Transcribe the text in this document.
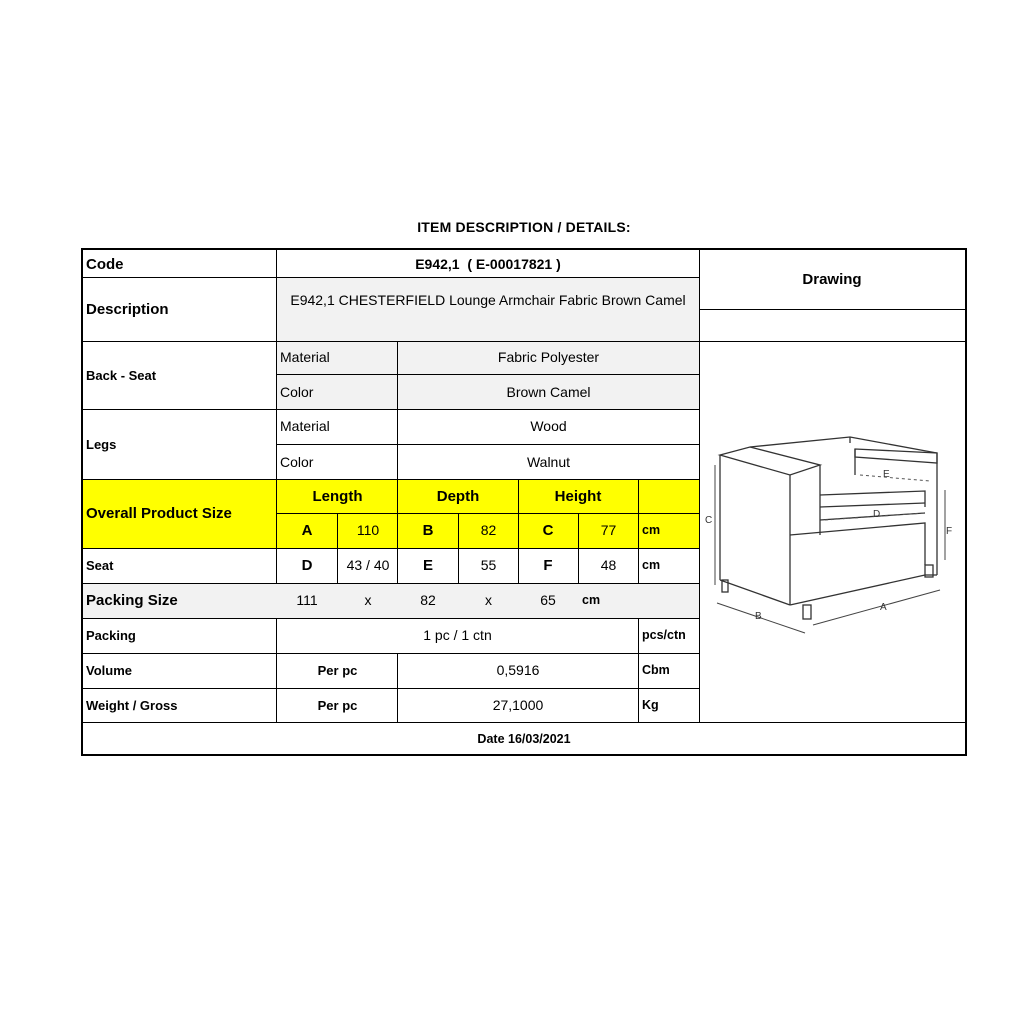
ITEM DESCRIPTION / DETAILS:
Code	E942,1  ( E-00017821 )
Drawing
Description
E942,1 CHESTERFIELD Lounge Armchair Fabric Brown Camel
Back - Seat
Material	Fabric Polyester
Color	Brown Camel
Legs
Material	Wood
Color	Walnut
Overall Product Size
Length	Depth	Height
A	110	B	82	C	77	cm
Seat	D	43 / 40	E	55	F	48	cm
Packing Size	111	x	82	x	65	cm
Packing	1 pc / 1 ctn	pcs/ctn
Volume	Per pc	0,5916	Cbm
Weight / Gross	Per pc	27,1000	Kg
Date 16/03/2021
A
B
C
D
E
F
